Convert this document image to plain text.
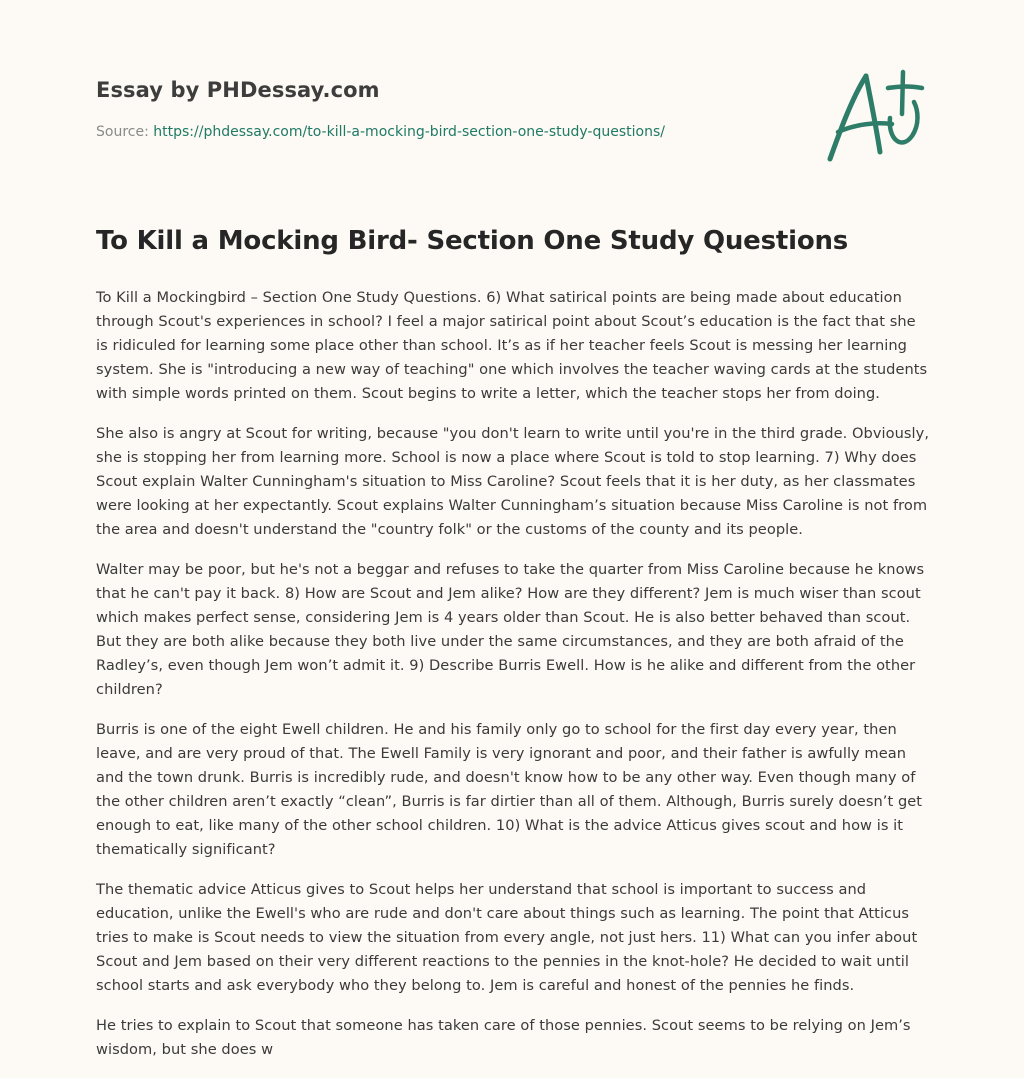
Essay by PHDessay.com
Source: https://phdessay.com/to-kill-a-mocking-bird-section-one-study-questions/
To Kill a Mocking Bird- Section One Study Questions

To Kill a Mockingbird – Section One Study Questions. 6) What satirical points are being made about education through Scout's experiences in school? I feel a major satirical point about Scout’s education is the fact that she is ridiculed for learning some place other than school. It’s as if her teacher feels Scout is messing her learning system. She is "introducing a new way of teaching" one which involves the teacher waving cards at the students with simple words printed on them. Scout begins to write a letter, which the teacher stops her from doing.

She also is angry at Scout for writing, because "you don't learn to write until you're in the third grade. Obviously, she is stopping her from learning more. School is now a place where Scout is told to stop learning. 7) Why does Scout explain Walter Cunningham's situation to Miss Caroline? Scout feels that it is her duty, as her classmates were looking at her expectantly. Scout explains Walter Cunningham’s situation because Miss Caroline is not from the area and doesn't understand the "country folk" or the customs of the county and its people.

Walter may be poor, but he's not a beggar and refuses to take the quarter from Miss Caroline because he knows that he can't pay it back. 8) How are Scout and Jem alike? How are they different? Jem is much wiser than scout which makes perfect sense, considering Jem is 4 years older than Scout. He is also better behaved than scout. But they are both alike because they both live under the same circumstances, and they are both afraid of the Radley’s, even though Jem won’t admit it. 9) Describe Burris Ewell. How is he alike and different from the other children?

Burris is one of the eight Ewell children. He and his family only go to school for the first day every year, then leave, and are very proud of that. The Ewell Family is very ignorant and poor, and their father is awfully mean and the town drunk. Burris is incredibly rude, and doesn't know how to be any other way. Even though many of the other children aren’t exactly “clean”, Burris is far dirtier than all of them. Although, Burris surely doesn’t get enough to eat, like many of the other school children. 10) What is the advice Atticus gives scout and how is it thematically significant?

The thematic advice Atticus gives to Scout helps her understand that school is important to success and education, unlike the Ewell's who are rude and don't care about things such as learning. The point that Atticus tries to make is Scout needs to view the situation from every angle, not just hers. 11) What can you infer about Scout and Jem based on their very different reactions to the pennies in the knot-hole? He decided to wait until school starts and ask everybody who they belong to. Jem is careful and honest of the pennies he finds.

He tries to explain to Scout that someone has taken care of those pennies. Scout seems to be relying on Jem’s wisdom, but she does w
